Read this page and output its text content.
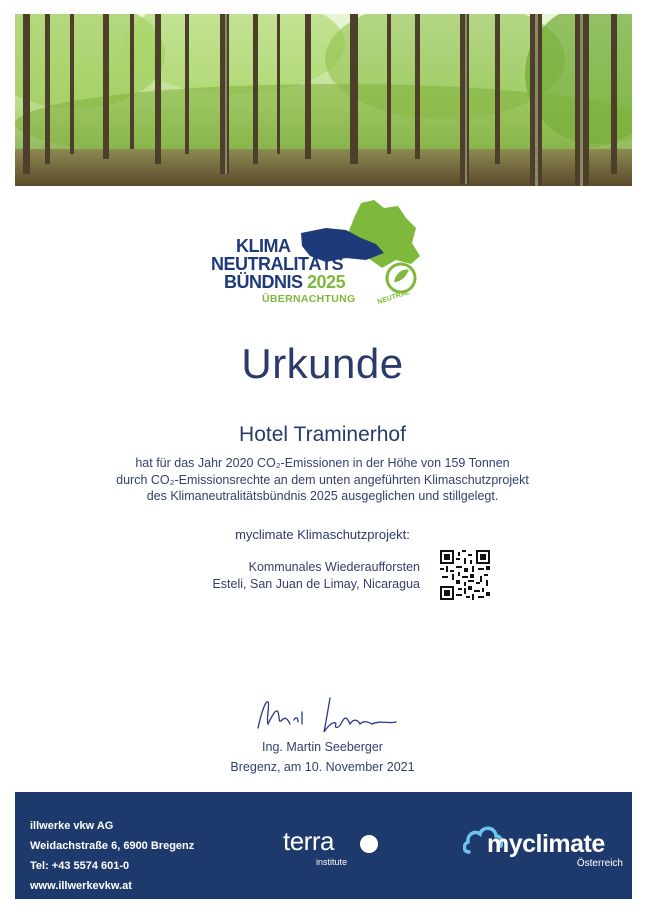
KLIMA
NEUTRALITÄTS
BÜNDNIS 2025
ÜBERNACHTUNG	NEUTRAL
Urkunde
Hotel Traminerhof
hat für das Jahr 2020 CO₂-Emissionen in der Höhe von 159 Tonnen
durch CO₂-Emissionsrechte an dem unten angeführten Klimaschutzprojekt
des Klimaneutralitätsbündnis 2025 ausgeglichen und stillgelegt.
myclimate Klimaschutzprojekt:
Kommunales Wiederaufforsten
Esteli, San Juan de Limay, Nicaragua
Ing. Martin Seeberger
Bregenz, am 10. November 2021
illwerke vkw AG
Weidachstraße 6, 6900 Bregenz
Tel: +43 5574 601-0
www.illwerkevkw.at
terra
institute
myclimate
Österreich
